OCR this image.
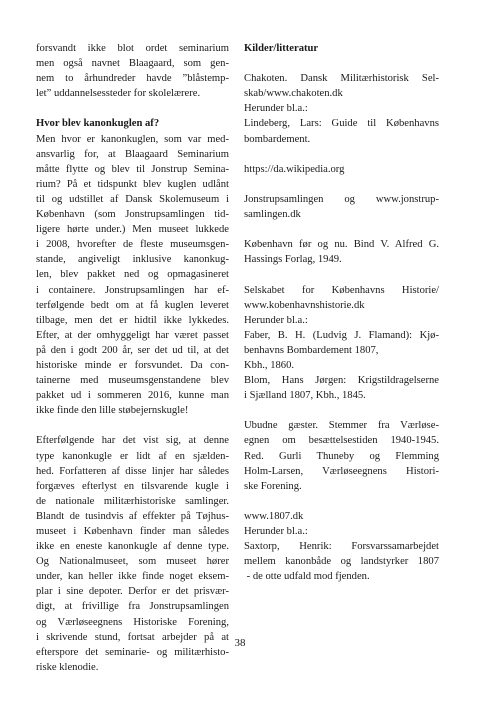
forsvandt ikke blot ordet seminarium
men også navnet Blaagaard, som gen-
nem to århundreder havde ”blåstemp-
let” uddannelsessteder for skolelærere.
Hvor blev kanonkuglen af?
Men hvor er kanonkuglen, som var med-
ansvarlig for, at Blaagaard Seminarium
måtte flytte og blev til Jonstrup Semina-
rium? På et tidspunkt blev kuglen udlånt
til og udstillet af Dansk Skolemuseum i
København (som Jonstrupsamlingen tid-
ligere hørte under.) Men museet lukkede
i 2008, hvorefter de fleste museumsgen-
stande, angiveligt inklusive kanonkug-
len, blev pakket ned og opmagasineret
i containere. Jonstrupsamlingen har ef-
terfølgende bedt om at få kuglen leveret
tilbage, men det er hidtil ikke lykkedes.
Efter, at der omhyggeligt har været passet
på den i godt 200 år, ser det ud til, at det
historiske minde er forsvundet. Da con-
tainerne med museumsgenstandene blev
pakket ud i sommeren 2016, kunne man
ikke finde den lille støbejernskugle!
Efterfølgende har det vist sig, at denne
type kanonkugle er lidt af en sjælden-
hed. Forfatteren af disse linjer har således
forgæves efterlyst en tilsvarende kugle i
de nationale militærhistoriske samlinger.
Blandt de tusindvis af effekter på Tøjhus-
museet i København finder man således
ikke en eneste kanonkugle af denne type.
Og Nationalmuseet, som museet hører
under, kan heller ikke finde noget eksem-
plar i sine depoter. Derfor er det prisvær-
digt, at frivillige fra Jonstrupsamlingen
og Værløseegnens Historiske Forening,
i skrivende stund, fortsat arbejder på at
efterspore det seminarie- og militærhisto-
riske klenodie.
Kilder/litteratur
Chakoten. Dansk Militærhistorisk Sel-
skab/www.chakoten.dk
Herunder bl.a.:
Lindeberg, Lars: Guide til Københavns
bombardement.
https://da.wikipedia.org
Jonstrupsamlingen og www.jonstrup-
samlingen.dk
København før og nu. Bind V. Alfred G.
Hassings Forlag, 1949.
Selskabet for Københavns Historie/
www.kobenhavnshistorie.dk
Herunder bl.a.:
Faber, B. H. (Ludvig J. Flamand): Kjø-
benhavns Bombardement 1807,
Kbh., 1860.
Blom, Hans Jørgen: Krigstildragelserne
i Sjælland 1807, Kbh., 1845.
Ubudne gæster. Stemmer fra Værløse-
egnen om besættelsestiden 1940-1945.
Red. Gurli Thuneby og Flemming
Holm-Larsen, Værløseegnens Histori-
ske Forening.
www.1807.dk
Herunder bl.a.:
Saxtorp, Henrik: Forsvarssamarbejdet
mellem kanonbåde og landstyrker 1807
- de otte udfald mod fjenden.
38
